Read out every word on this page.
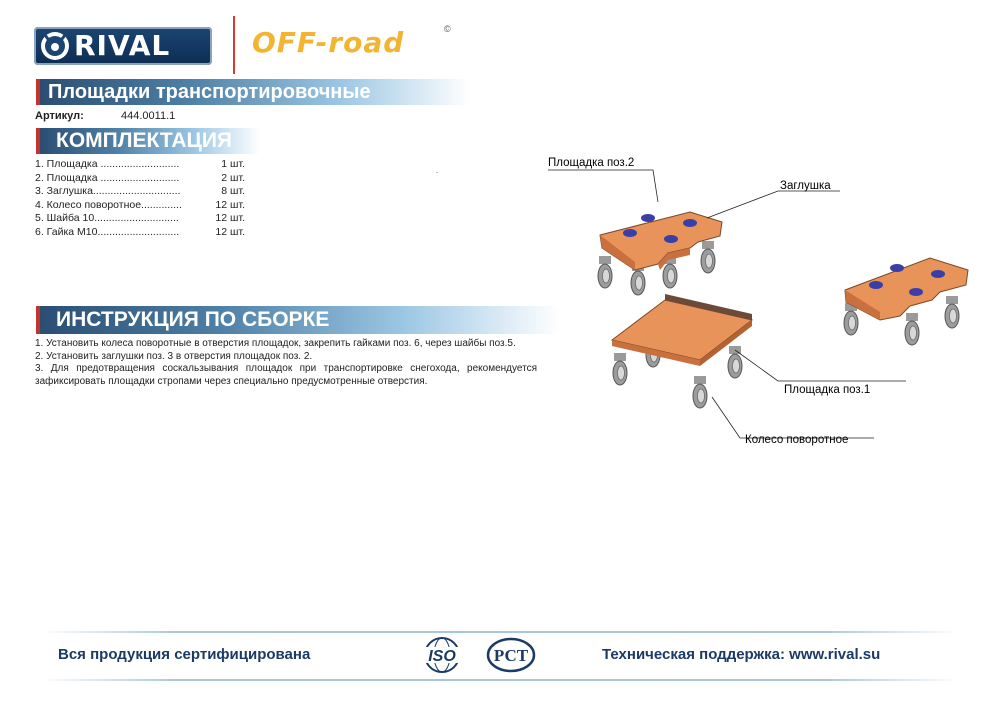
RIVAL	OFF-road	©
Площадки транспортировочные
Артикул:	444.0011.1
КОМПЛЕКТАЦИЯ
1. Площадка ...........................	1 шт.
2. Площадка ...........................	2 шт.
3. Заглушка..............................	8 шт.
4. Колесо поворотное..............	12 шт.
5. Шайба 10.............................	12 шт.
6. Гайка М10............................	12 шт.
.
ИНСТРУКЦИЯ ПО СБОРКЕ

1. Установить колеса поворотные в отверстия площадок, закрепить гайками поз. 6, через шайбы поз.5.

2. Установить заглушки поз. 3 в отверстия площадок поз. 2.

3. Для предотвращения соскальзывания площадок при транспортировке снегохода, рекомендуется зафиксировать площадки стропами через специально предусмотренные отверстия.

Площадка поз.2
Заглушка
Площадка поз.1
Колесо поворотное
Вся продукция сертифицирована	ISO РСТ	Техническая поддержка: www.rival.su
